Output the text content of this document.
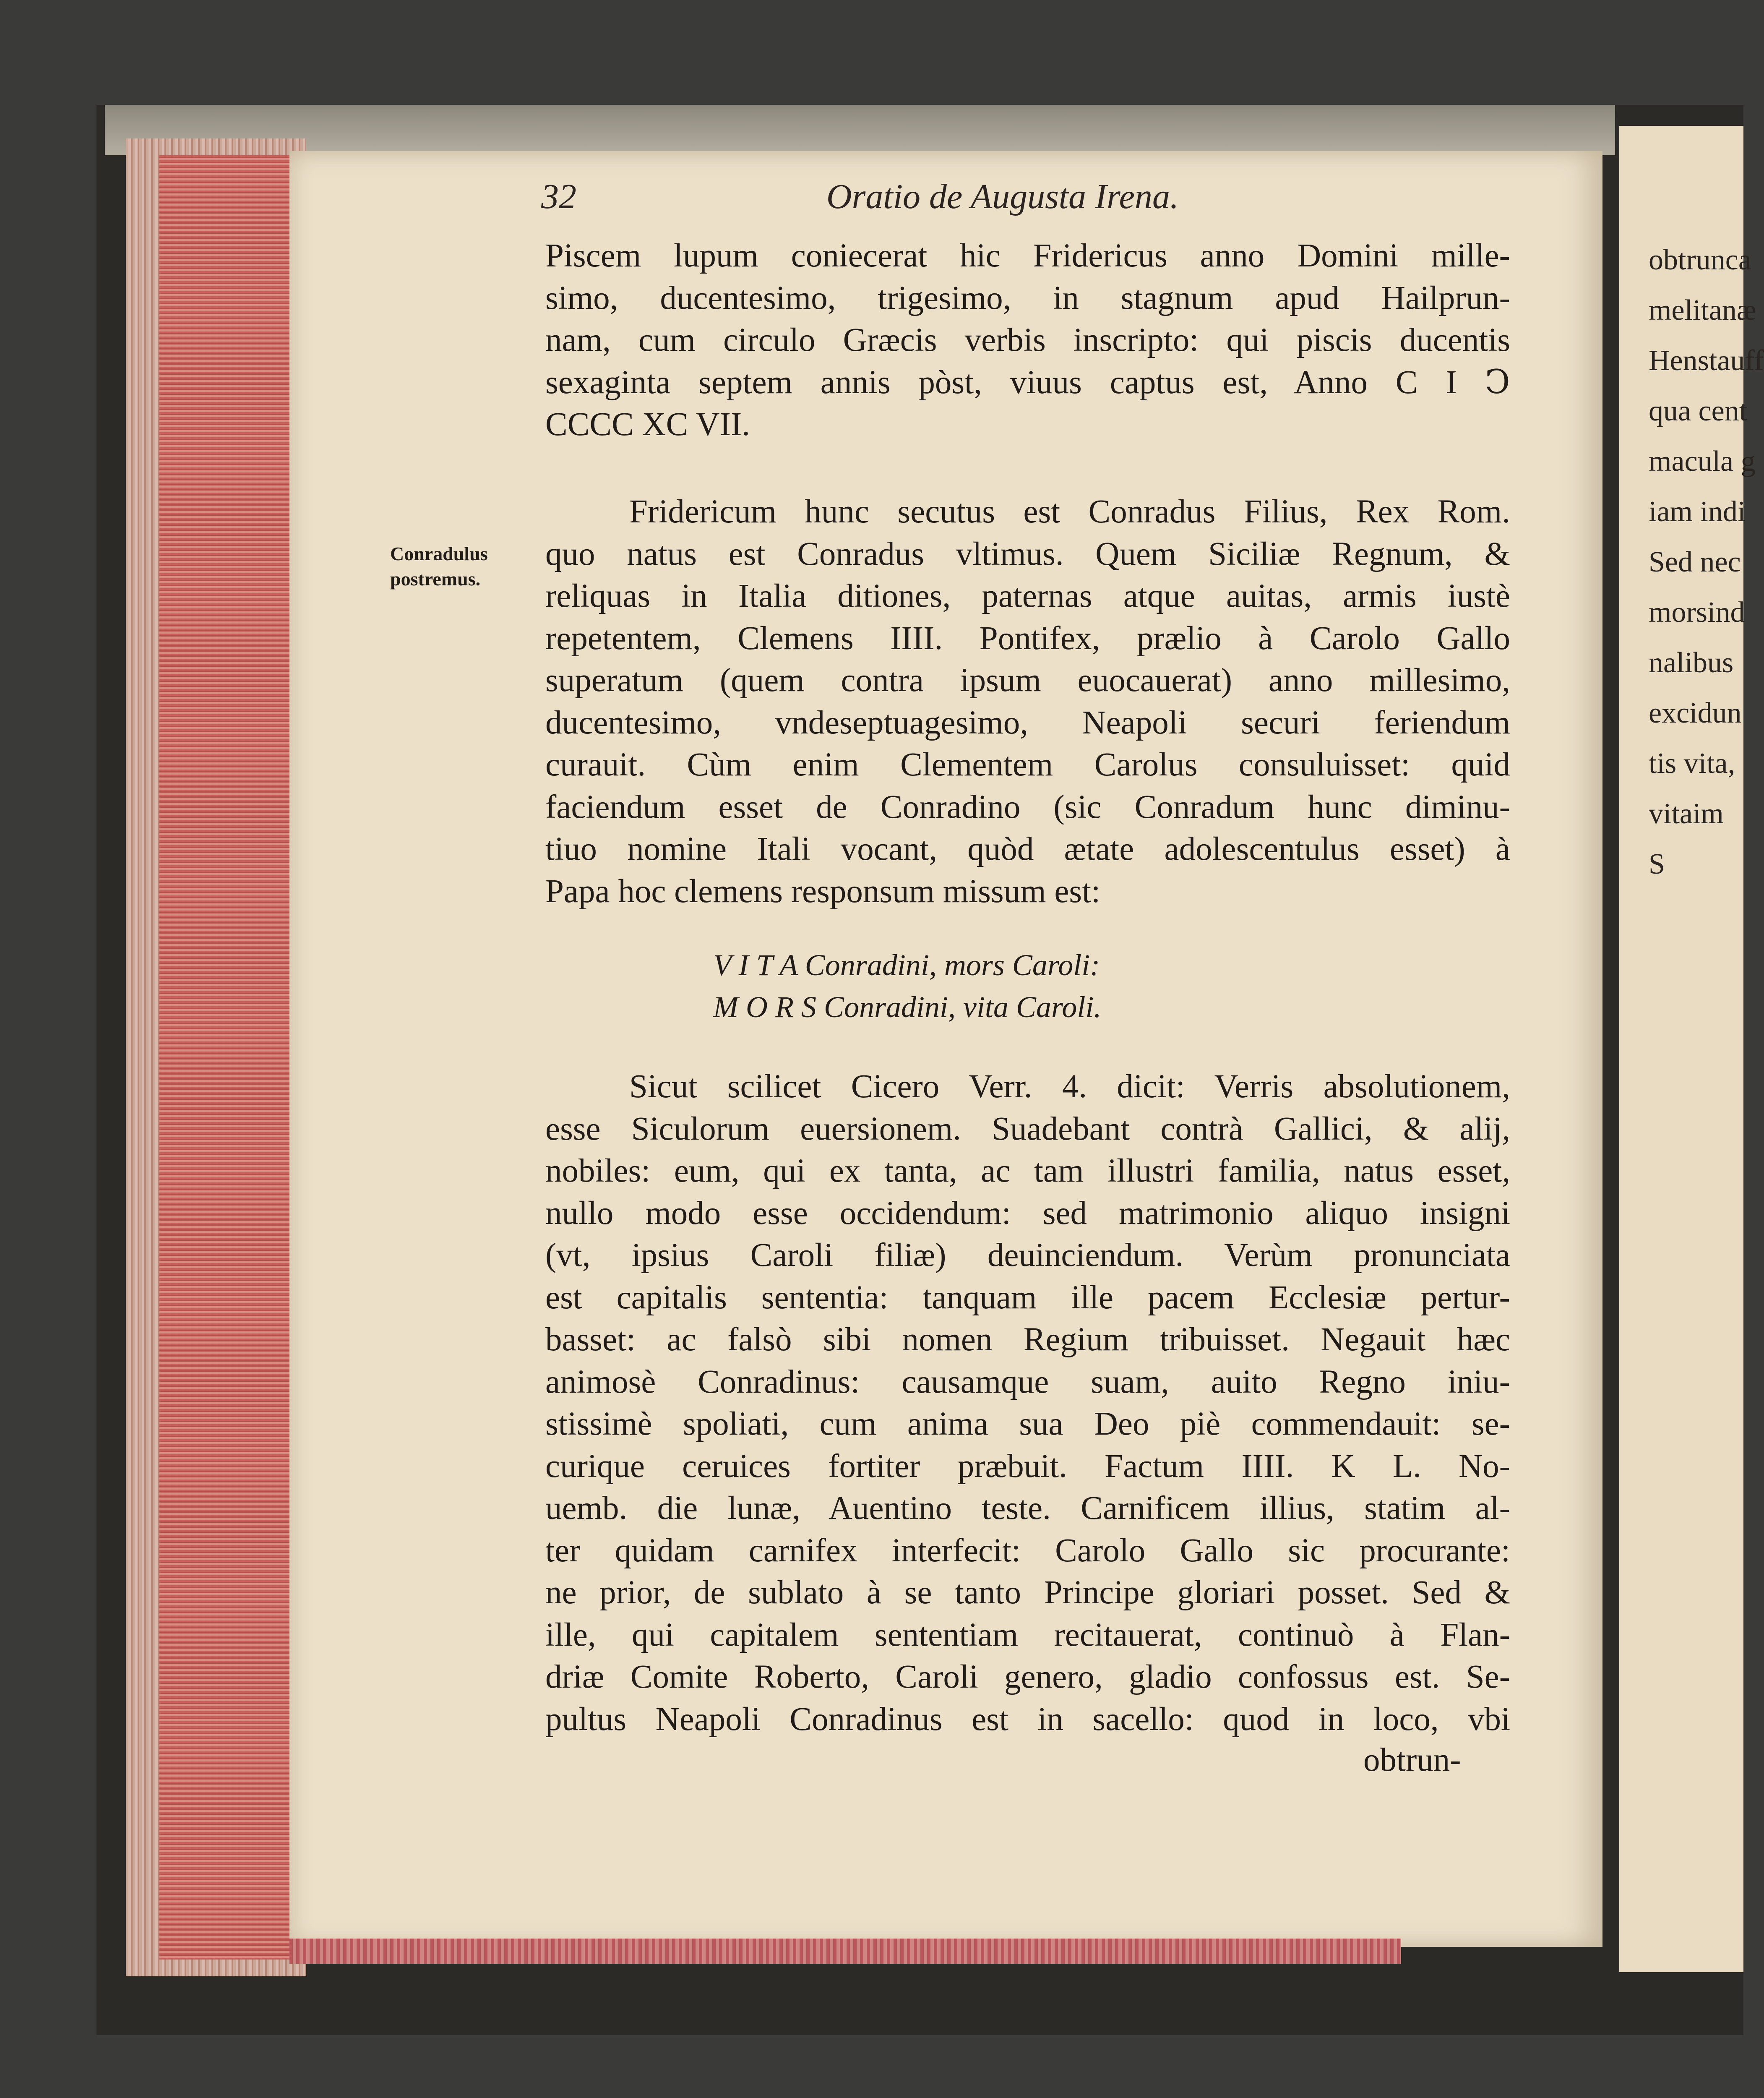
obtrunca
melitanæ
Henstauff
qua cent
macula g
iam indi
Sed nec
morsind
nalibus
excidun
tis vita,
vitaim
S
32	Oratio de Augusta Irena.
Piscem lupum coniecerat hic Fridericus anno Domini mille-
simo, ducentesimo, trigesimo, in stagnum apud Hailprun-
nam, cum circulo Græcis verbis inscripto: qui piscis ducentis
sexaginta septem annis pòst, viuus captus est, Anno C I Ↄ
CCCC XC VII.
Conradulus
postremus.
Fridericum hunc secutus est Conradus Filius, Rex Rom.
quo natus est Conradus vltimus. Quem Siciliæ Regnum, &
reliquas in Italia ditiones, paternas atque auitas, armis iustè
repetentem, Clemens IIII. Pontifex, prælio à Carolo Gallo
superatum (quem contra ipsum euocauerat) anno millesimo,
ducentesimo, vndeseptuagesimo, Neapoli securi feriendum
curauit. Cùm enim Clementem Carolus consuluisset: quid
faciendum esset de Conradino (sic Conradum hunc diminu-
tiuo nomine Itali vocant, quòd ætate adolescentulus esset) à
Papa hoc clemens responsum missum est:
V I T A Conradini, mors Caroli:
M O R S Conradini, vita Caroli.
Sicut scilicet Cicero Verr. 4. dicit: Verris absolutionem,
esse Siculorum euersionem. Suadebant contrà Gallici, & alij,
nobiles: eum, qui ex tanta, ac tam illustri familia, natus esset,
nullo modo esse occidendum: sed matrimonio aliquo insigni
(vt, ipsius Caroli filiæ) deuinciendum. Verùm pronunciata
est capitalis sententia: tanquam ille pacem Ecclesiæ pertur-
basset: ac falsò sibi nomen Regium tribuisset. Negauit hæc
animosè Conradinus: causamque suam, auito Regno iniu-
stissimè spoliati, cum anima sua Deo piè commendauit: se-
curique ceruices fortiter præbuit. Factum IIII. K L. No-
uemb. die lunæ, Auentino teste. Carnificem illius, statim al-
ter quidam carnifex interfecit: Carolo Gallo sic procurante:
ne prior, de sublato à se tanto Principe gloriari posset. Sed &
ille, qui capitalem sententiam recitauerat, continuò à Flan-
driæ Comite Roberto, Caroli genero, gladio confossus est. Se-
pultus Neapoli Conradinus est in sacello: quod in loco, vbi
obtrun-
